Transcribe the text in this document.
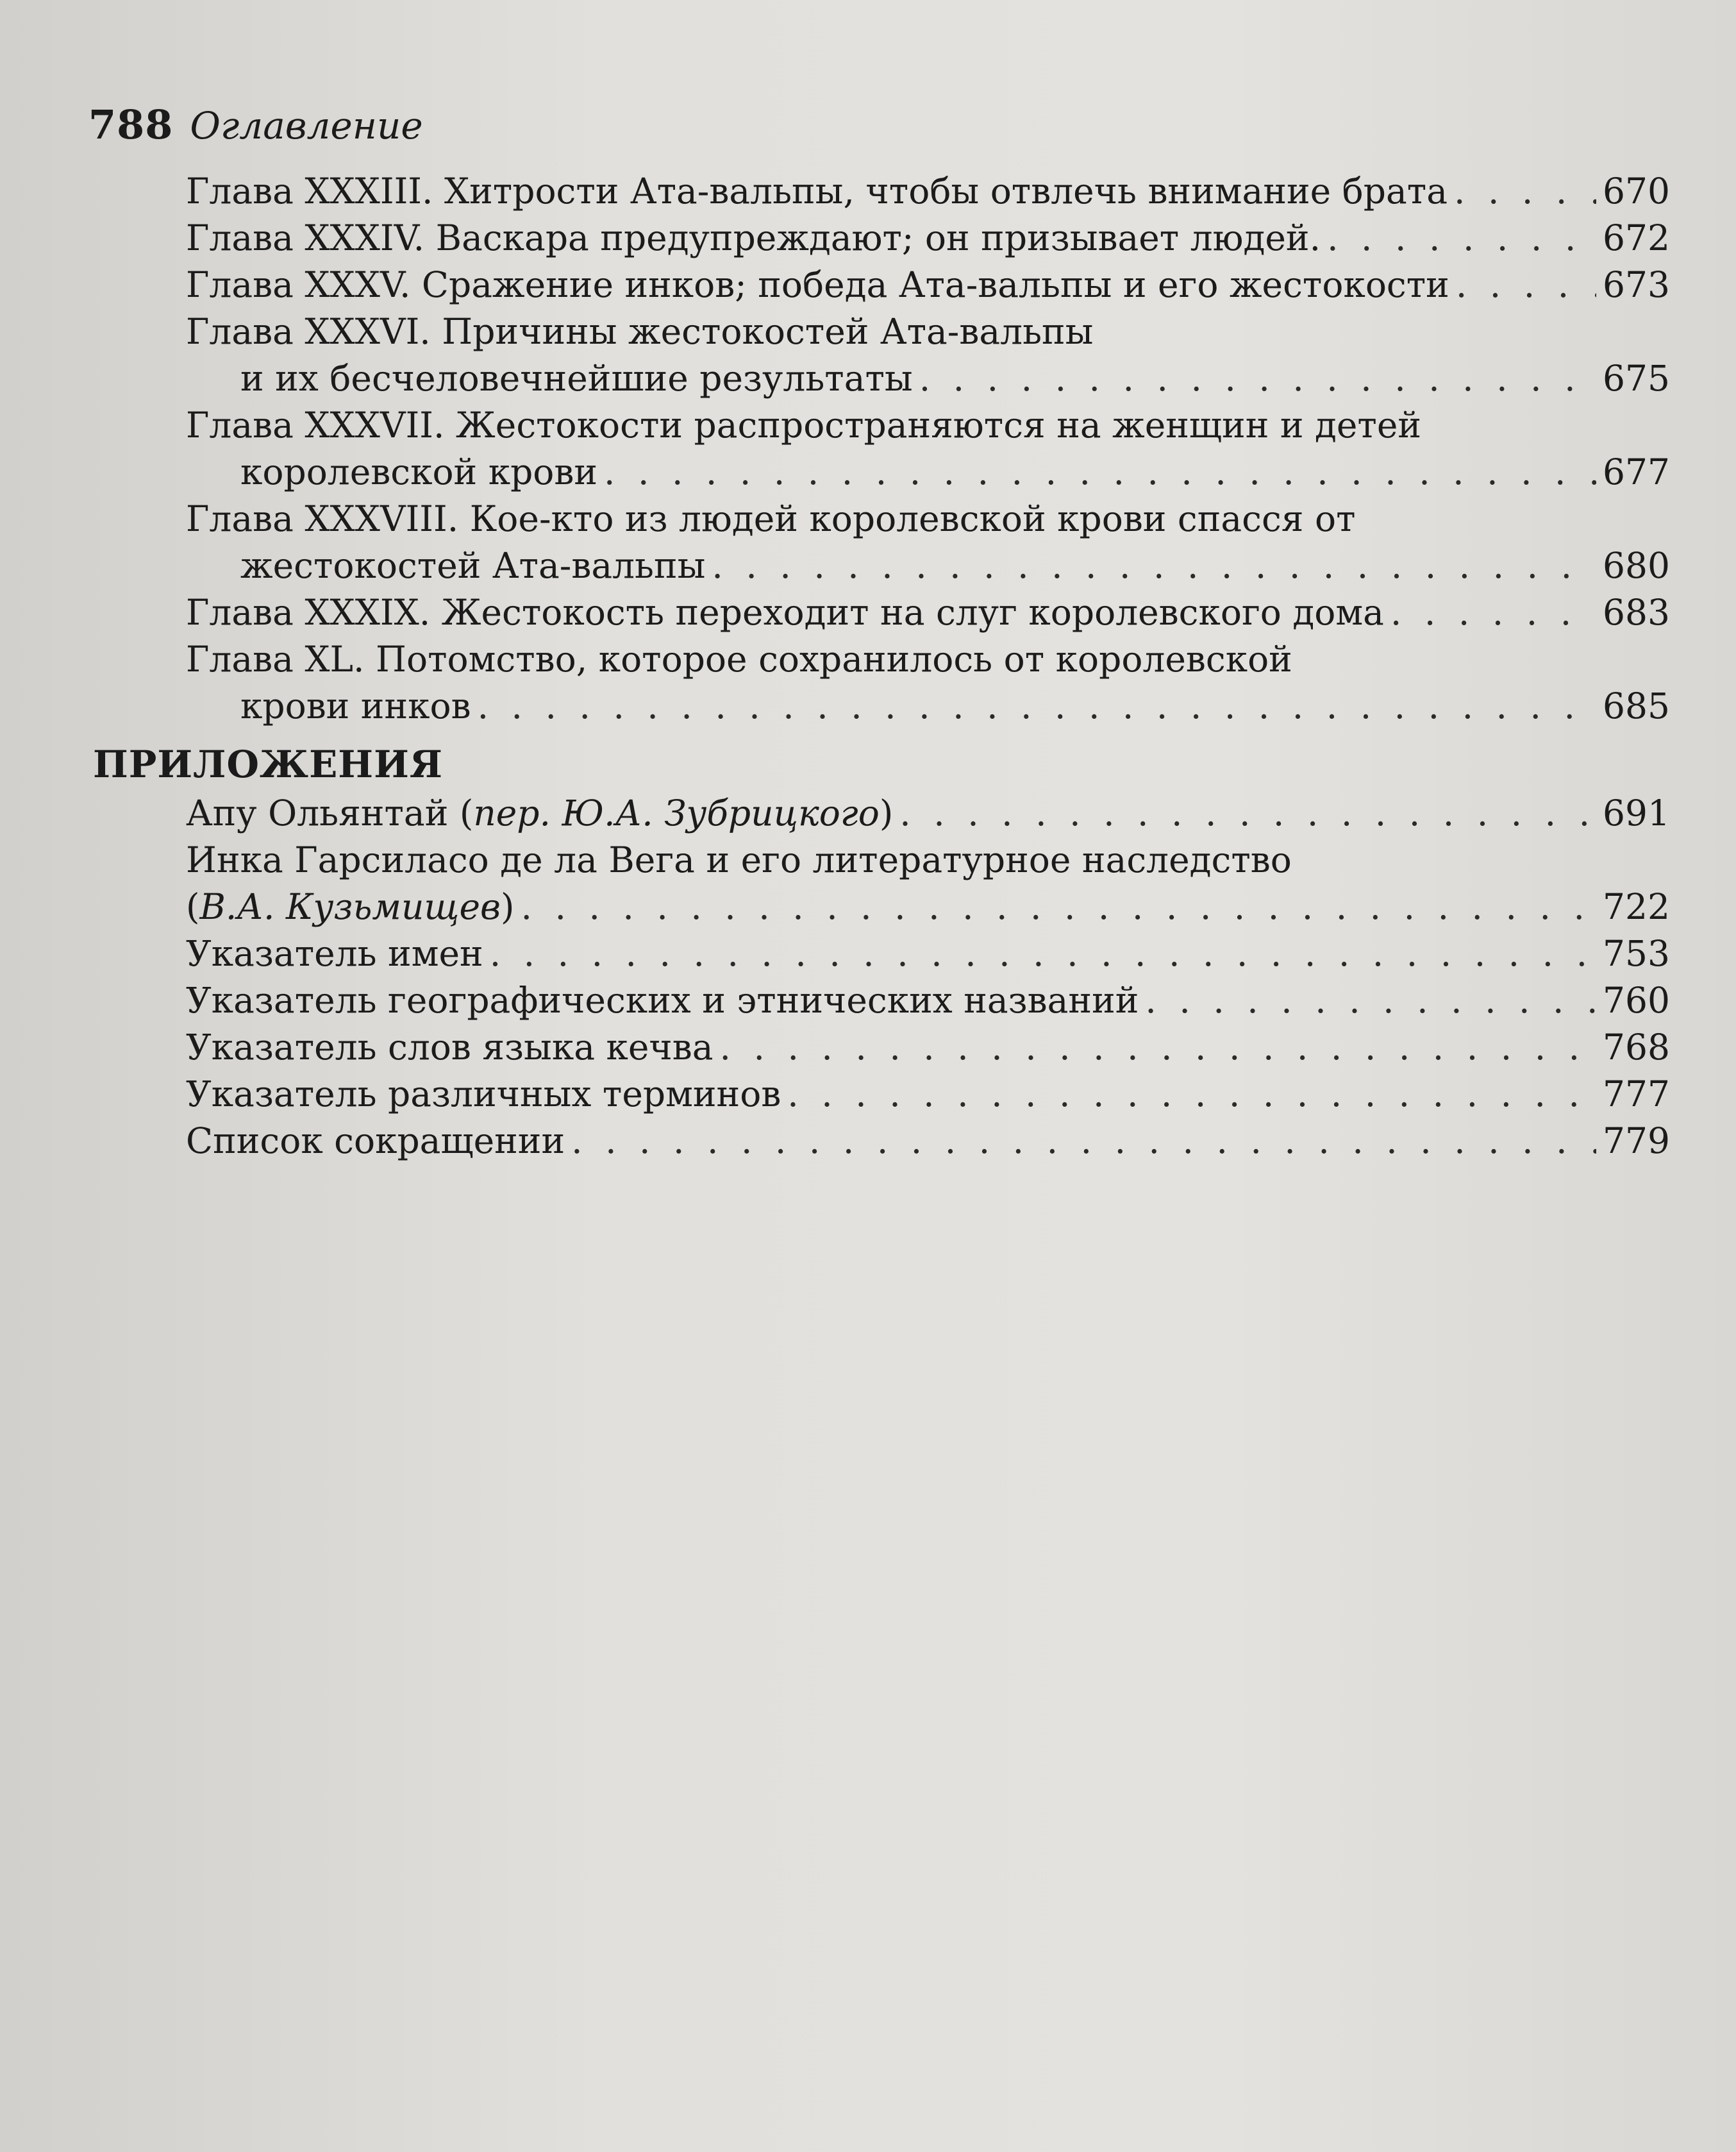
788 Оглавление
Глава XXXIII. Хитрости Ата-вальпы, чтобы отвлечь внимание брата . . .	670
Глава XXXIV. Васкара предупреждают; он призывает людей. . . .	672
Глава XXXV. Сражение инков; победа Ата-вальпы и его жестокости . . .	673
Глава XXXVI. Причины жестокостей Ата-вальпы
и их бесчеловечнейшие результаты . . .	675
Глава XXXVII. Жестокости распространяются на женщин и детей
королевской крови . . .	677
Глава XXXVIII. Кое-кто из людей королевской крови спасся от
жестокостей Ата-вальпы . . .	680
Глава XXXIX. Жестокость переходит на слуг королевского дома . . .	683
Глава XL. Потомство, которое сохранилось от королевской
крови инков . . .	685
ПРИЛОЖЕНИЯ
Апу Ольянтай (пер. Ю.А. Зубрицкого) . . .	691
Инка Гарсиласо де ла Вега и его литературное наследство
(В.А. Кузьмищев) . . .	722
Указатель имен . . .	753
Указатель географических и этнических названий . . .	760
Указатель слов языка кечва . . .	768
Указатель различных терминов . . .	777
Список сокращении . . .	779
